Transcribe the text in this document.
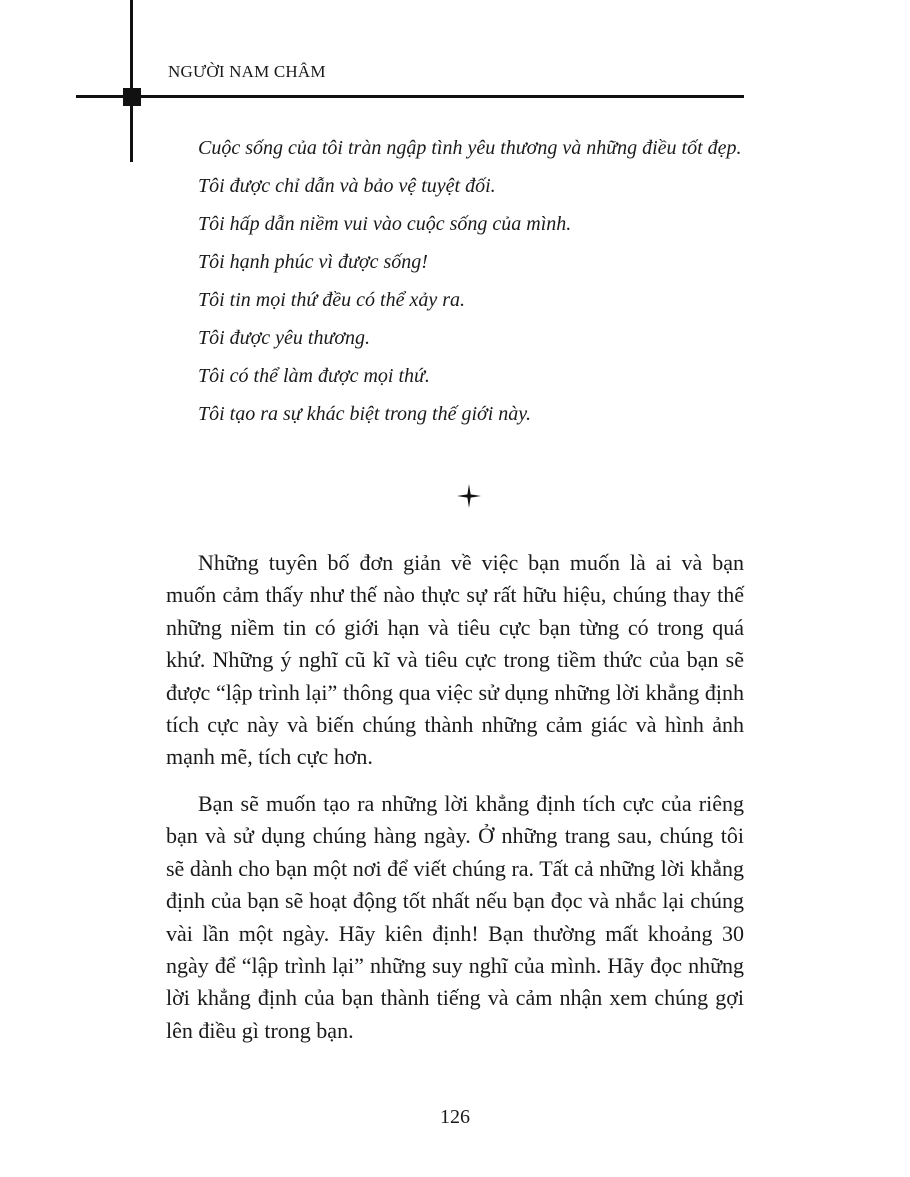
NGƯỜI NAM CHÂM
Cuộc sống của tôi tràn ngập tình yêu thương và những điều tốt đẹp.
Tôi được chỉ dẫn và bảo vệ tuyệt đối.
Tôi hấp dẫn niềm vui vào cuộc sống của mình.
Tôi hạnh phúc vì được sống!
Tôi tin mọi thứ đều có thể xảy ra.
Tôi được yêu thương.
Tôi có thể làm được mọi thứ.
Tôi tạo ra sự khác biệt trong thế giới này.

Những tuyên bố đơn giản về việc bạn muốn là ai và bạn muốn cảm thấy như thế nào thực sự rất hữu hiệu, chúng thay thế những niềm tin có giới hạn và tiêu cực bạn từng có trong quá khứ. Những ý nghĩ cũ kĩ và tiêu cực trong tiềm thức của bạn sẽ được “lập trình lại” thông qua việc sử dụng những lời khẳng định tích cực này và biến chúng thành những cảm giác và hình ảnh mạnh mẽ, tích cực hơn.

Bạn sẽ muốn tạo ra những lời khẳng định tích cực của riêng bạn và sử dụng chúng hàng ngày. Ở những trang sau, chúng tôi sẽ dành cho bạn một nơi để viết chúng ra. Tất cả những lời khẳng định của bạn sẽ hoạt động tốt nhất nếu bạn đọc và nhắc lại chúng vài lần một ngày. Hãy kiên định! Bạn thường mất khoảng 30 ngày để “lập trình lại” những suy nghĩ của mình. Hãy đọc những lời khẳng định của bạn thành tiếng và cảm nhận xem chúng gợi lên điều gì trong bạn.

126
